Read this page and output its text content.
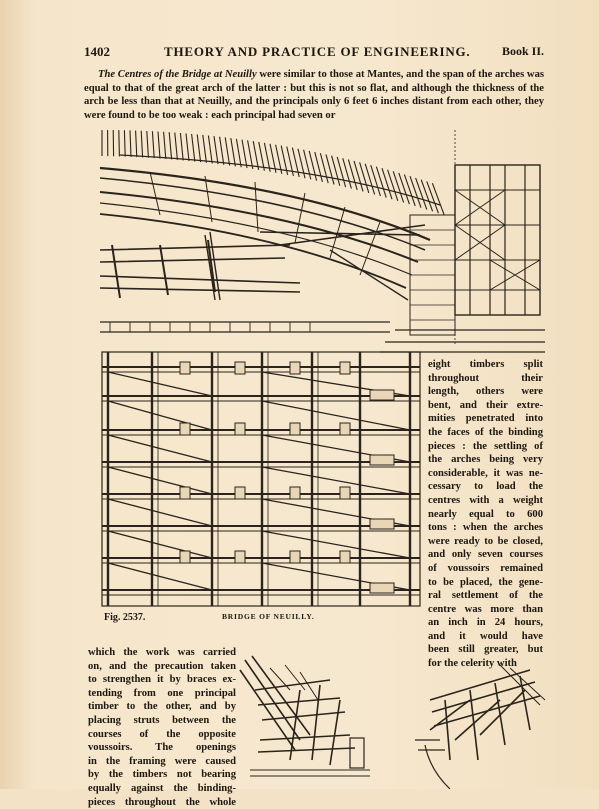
1402	THEORY AND PRACTICE OF ENGINEERING.	Book II.
The Centres of the Bridge at Neuilly were similar to those at Mantes, and the span of the arches was equal to that of the great arch of the latter : but this is not so flat, and although the thickness of the arch be less than that at Neuilly, and the principals only 6 feet 6 inches distant from each other, they were found to be too weak : each principal had seven or
Fig. 2537.	BRIDGE OF NEUILLY.
eight timbers split
throughout their
length, others were
bent, and their extre-
mities penetrated into
the faces of the binding
pieces : the settling of
the arches being very
considerable, it was ne-
cessary to load the
centres with a weight
nearly equal to 600
tons : when the arches
were ready to be closed,
and only seven courses
of voussoirs remained
to be placed, the gene-
ral settlement of the
centre was more than
an inch in 24 hours,
and it would have
been still greater, but
for the celerity with
which the work was carried
on, and the precaution taken
to strengthen it by braces ex-
tending from one principal
timber to the other, and by
placing struts between the
courses of the opposite
voussoirs. The openings
in the framing were caused
by the timbers not bearing
equally against the binding-
pieces throughout the whole
